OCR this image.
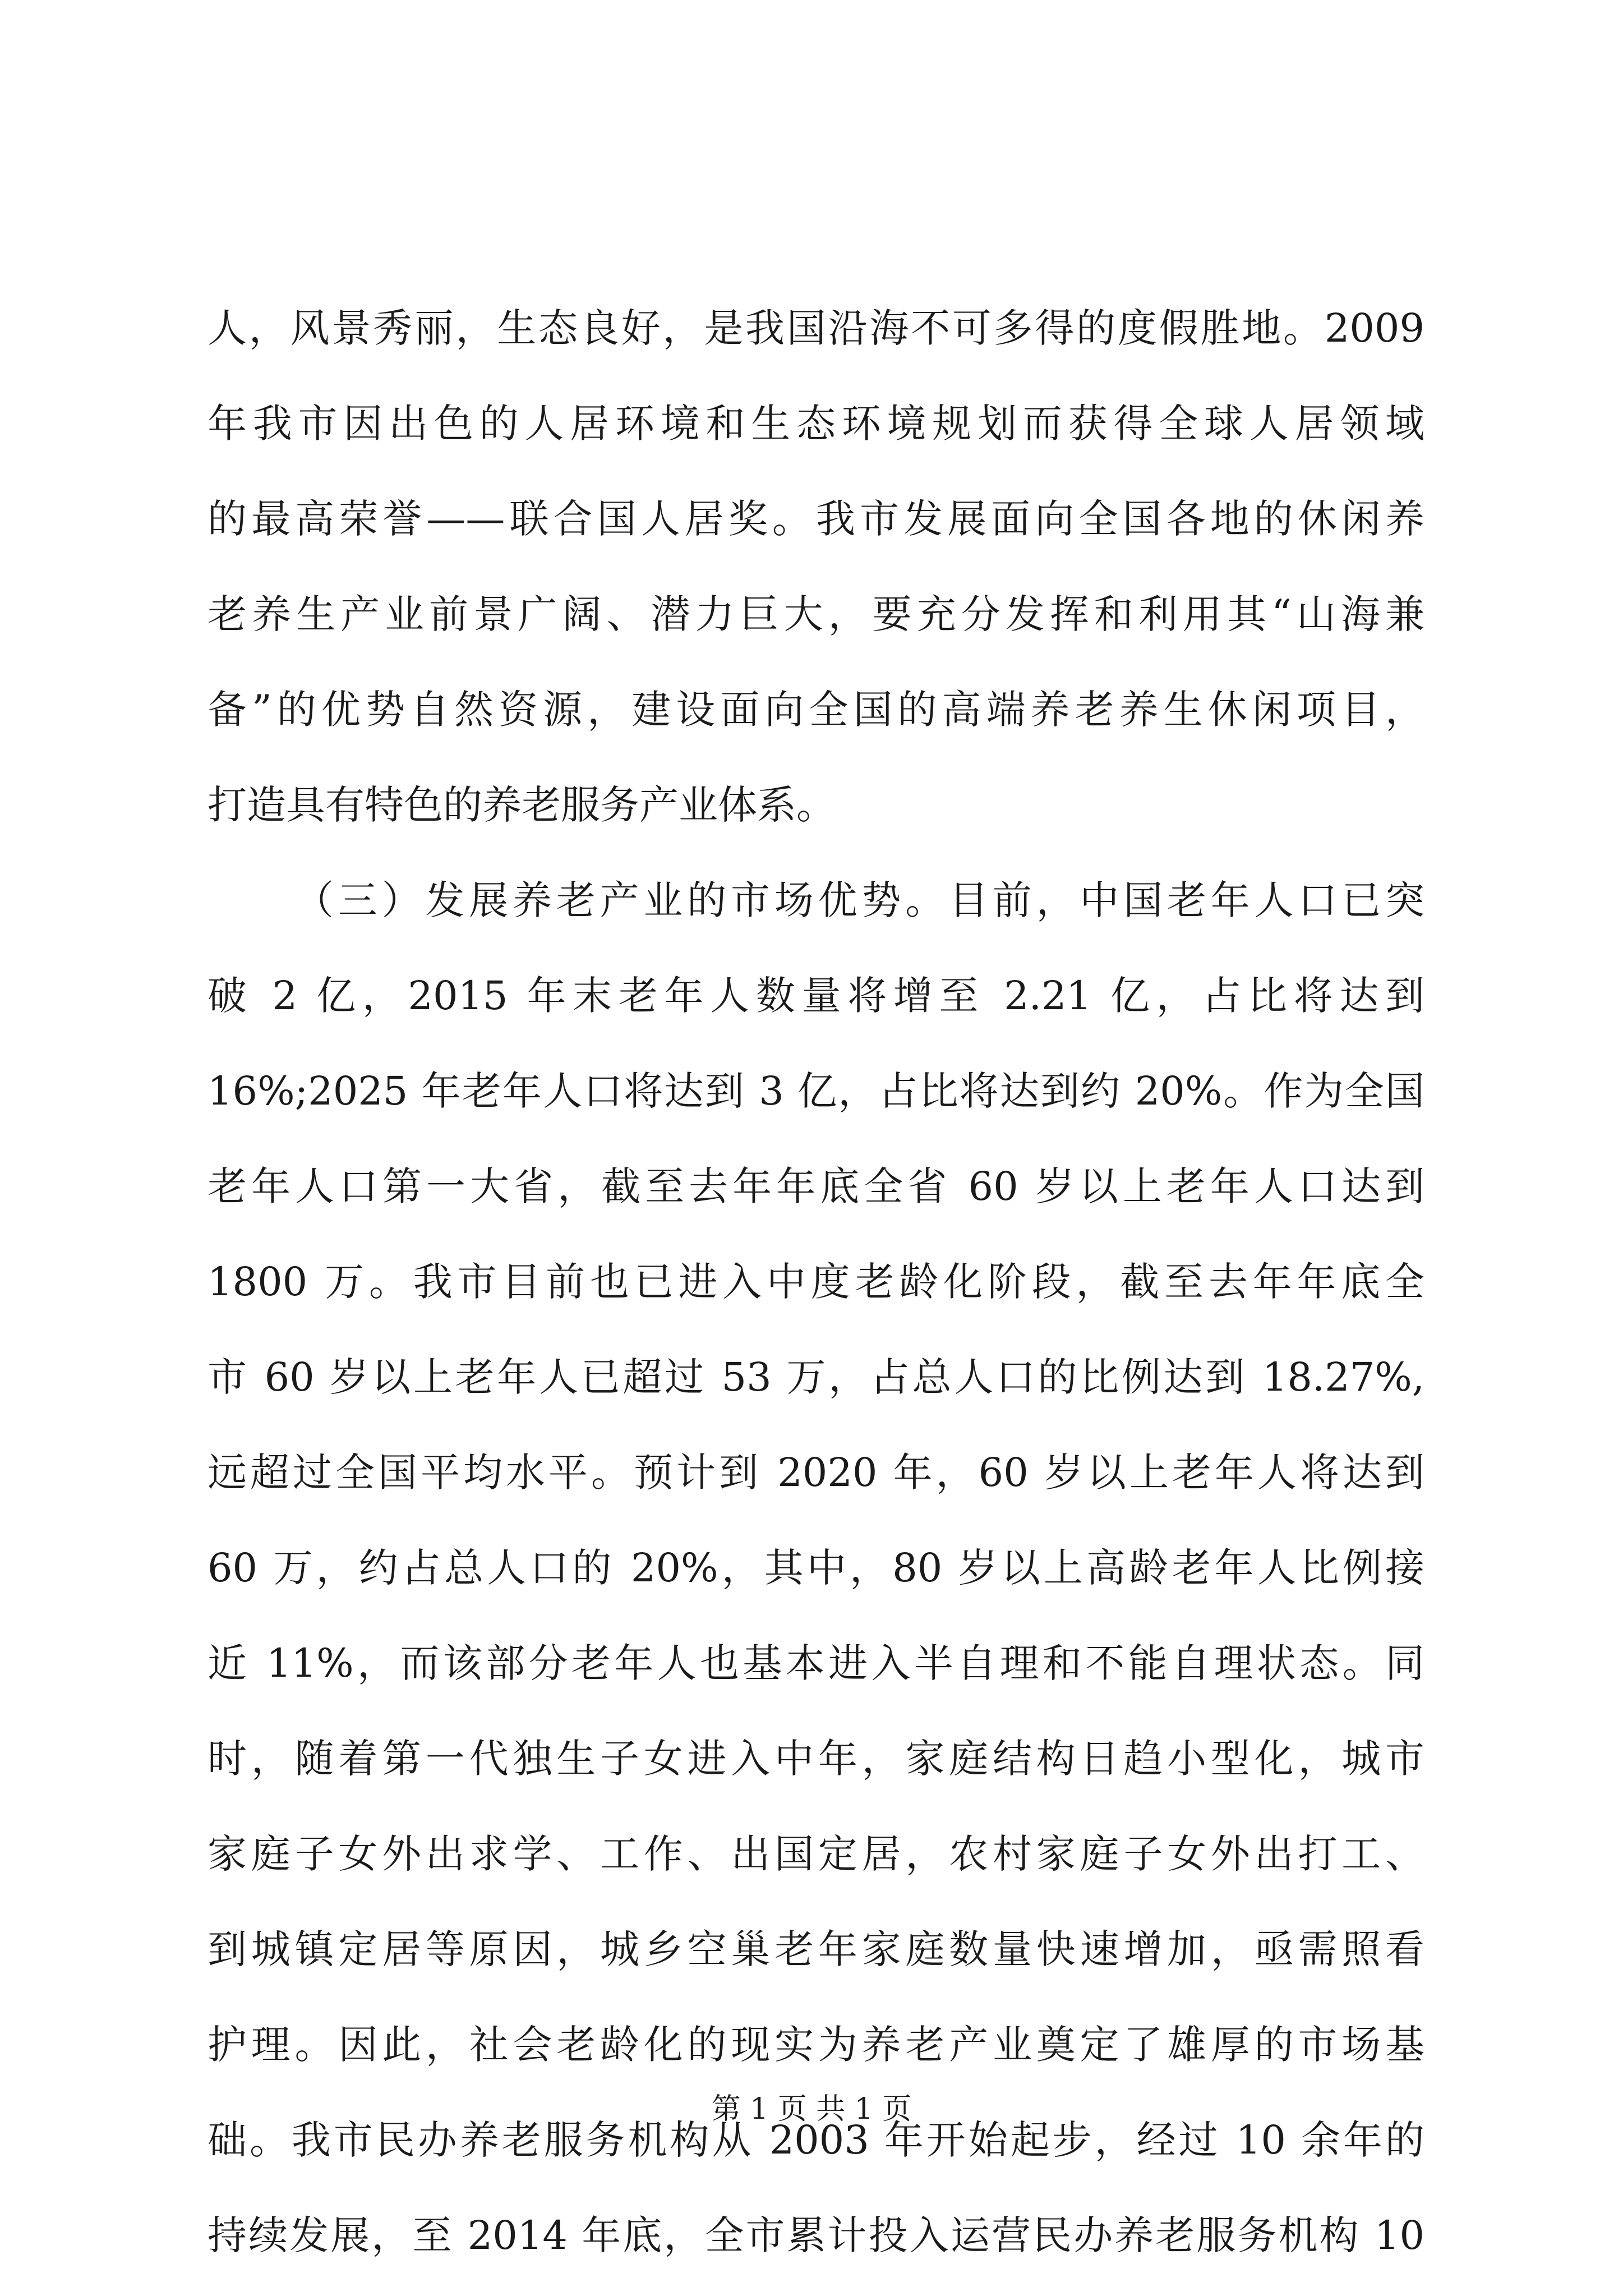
人，风景秀丽，生态良好，是我国沿海不可多得的度假胜地。2009
年我市因出色的人居环境和生态环境规划而获得全球人居领域
的最高荣誉——联合国人居奖。我市发展面向全国各地的休闲养
老养生产业前景广阔、潜力巨大，要充分发挥和利用其“山海兼
备”的优势自然资源，建设面向全国的高端养老养生休闲项目，
打造具有特色的养老服务产业体系。
（三）发展养老产业的市场优势。目前，中国老年人口已突
破 2 亿，2015 年末老年人数量将增至 2.21 亿，占比将达到
16%;2025 年老年人口将达到 3 亿，占比将达到约 20%。作为全国
老年人口第一大省，截至去年年底全省 60 岁以上老年人口达到
1800 万。我市目前也已进入中度老龄化阶段，截至去年年底全
市 60 岁以上老年人已超过 53 万，占总人口的比例达到 18.27%,
远超过全国平均水平。预计到 2020 年，60 岁以上老年人将达到
60 万，约占总人口的 20%，其中，80 岁以上高龄老年人比例接
近 11%，而该部分老年人也基本进入半自理和不能自理状态。同
时，随着第一代独生子女进入中年，家庭结构日趋小型化，城市
家庭子女外出求学、工作、出国定居，农村家庭子女外出打工、
到城镇定居等原因，城乡空巢老年家庭数量快速增加，亟需照看
护理。因此，社会老龄化的现实为养老产业奠定了雄厚的市场基
础。我市民办养老服务机构从 2003 年开始起步，经过 10 余年的
持续发展，至 2014 年底，全市累计投入运营民办养老服务机构 10
第 1 页 共 1 页
